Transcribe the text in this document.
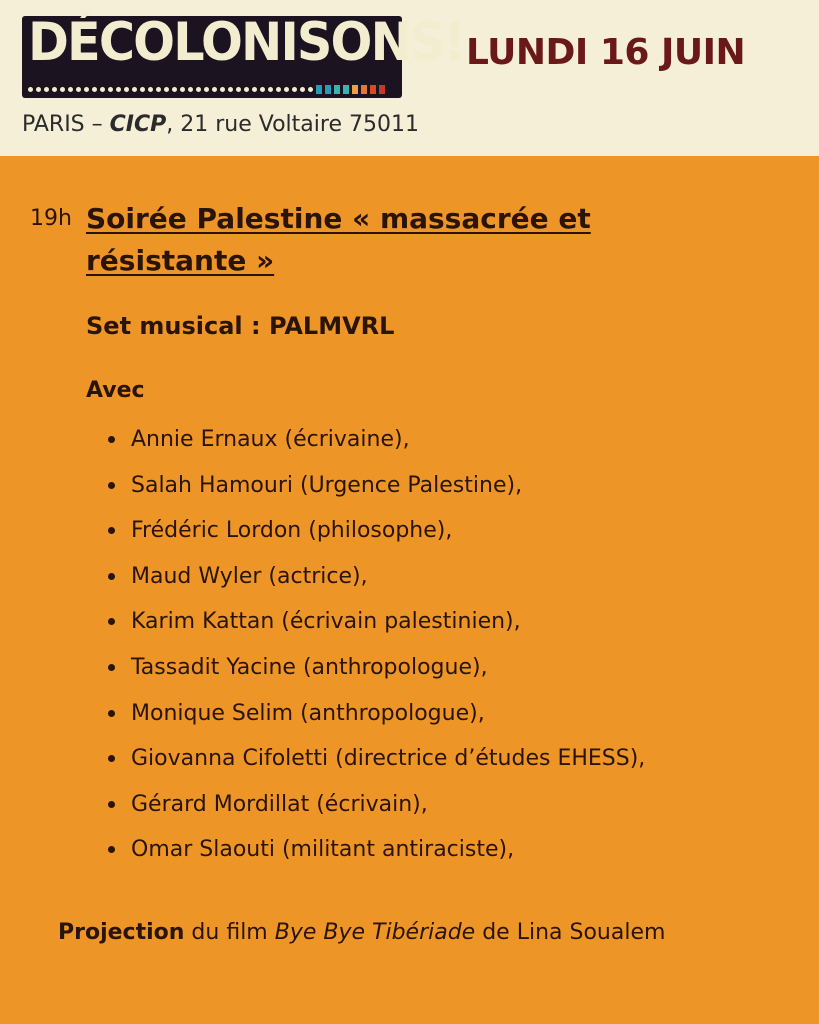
DÉCOLONISONS! LUNDI 16 JUIN
PARIS – CICP, 21 rue Voltaire 75011
19h Soirée Palestine « massacrée et résistante »
Set musical : PALMVRL
Avec
Annie Ernaux (écrivaine),
Salah Hamouri (Urgence Palestine),
Frédéric Lordon (philosophe),
Maud Wyler (actrice),
Karim Kattan (écrivain palestinien),
Tassadit Yacine (anthropologue),
Monique Selim (anthropologue),
Giovanna Cifoletti (directrice d’études EHESS),
Gérard Mordillat (écrivain),
Omar Slaouti (militant antiraciste),
Projection du film Bye Bye Tibériade de Lina Soualem
